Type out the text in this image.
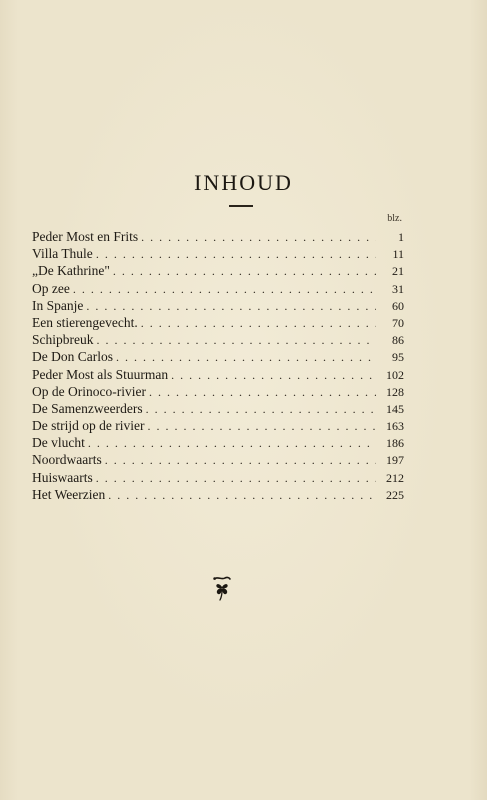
INHOUD
blz.
Peder Most en Frits . . .	1
Villa Thule . . .	11
„De Kathrine" . . .	21
Op zee . . .	31
In Spanje . . .	60
Een stierengevecht. . . .	70
Schipbreuk . . .	86
De Don Carlos . . .	95
Peder Most als Stuurman . . .	102
Op de Orinoco-rivier . . .	128
De Samenzweerders . . .	145
De strijd op de rivier . . .	163
De vlucht . . .	186
Noordwaarts . . .	197
Huiswaarts . . .	212
Het Weerzien . . .	225
